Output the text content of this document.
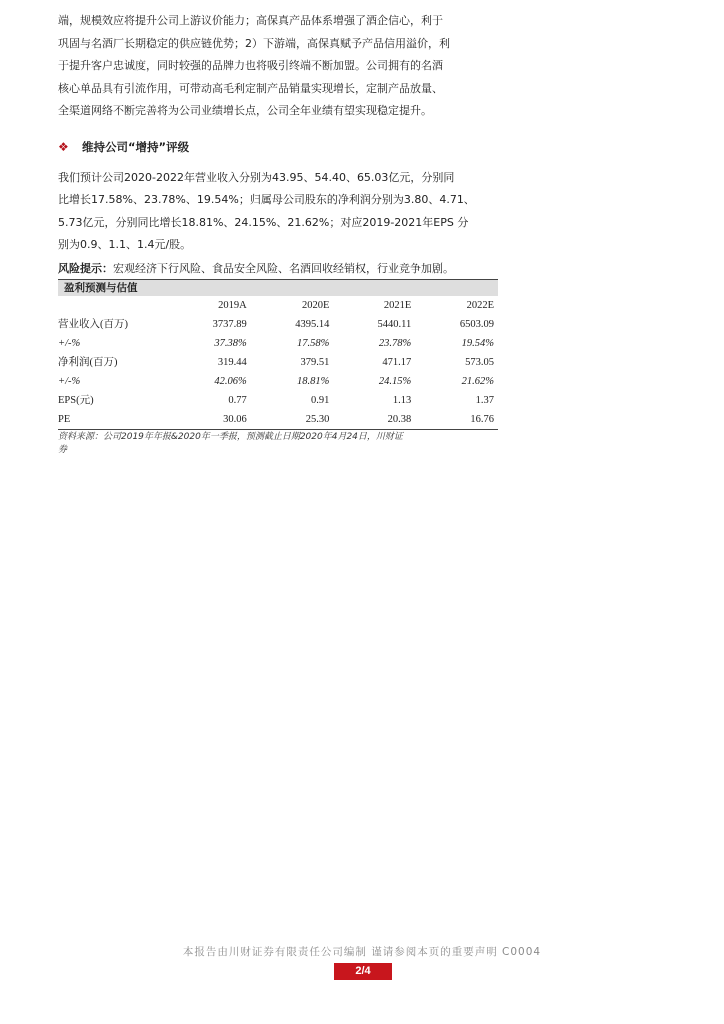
端，规模效应将提升公司上游议价能力；高保真产品体系增强了酒企信心，利于
巩固与名酒厂长期稳定的供应链优势；2）下游端，高保真赋予产品信用溢价，利
于提升客户忠诚度，同时较强的品牌力也将吸引终端不断加盟。公司拥有的名酒
核心单品具有引流作用，可带动高毛利定制产品销量实现增长，定制产品放量、
全渠道网络不断完善将为公司业绩增长点，公司全年业绩有望实现稳定提升。

❖	维持公司“增持”评级

我们预计公司2020-2022年营业收入分别为43.95、54.40、65.03亿元，分别同
比增长17.58%、23.78%、19.54%；归属母公司股东的净利润分别为3.80、4.71、
5.73亿元，分别同比增长18.81%、24.15%、21.62%；对应2019-2021年EPS 分
别为0.9、1.1、1.4元/股。

风险提示：宏观经济下行风险、食品安全风险、名酒回收经销权，行业竞争加剧。
盈利预测与估值
	2019A	2020E	2021E	2022E
营业收入(百万)	3737.89	4395.14	5440.11	6503.09
+/-%	37.38%	17.58%	23.78%	19.54%
净利润(百万)	319.44	379.51	471.17	573.05
+/-%	42.06%	18.81%	24.15%	21.62%
EPS(元)	0.77	0.91	1.13	1.37
PE	30.06	25.30	20.38	16.76
资料来源：公司2019年年报&2020年一季报，预测截止日期2020年4月24日，川财证
券
本报告由川财证券有限责任公司编制 谨请参阅本页的重要声明 C0004
2/4
